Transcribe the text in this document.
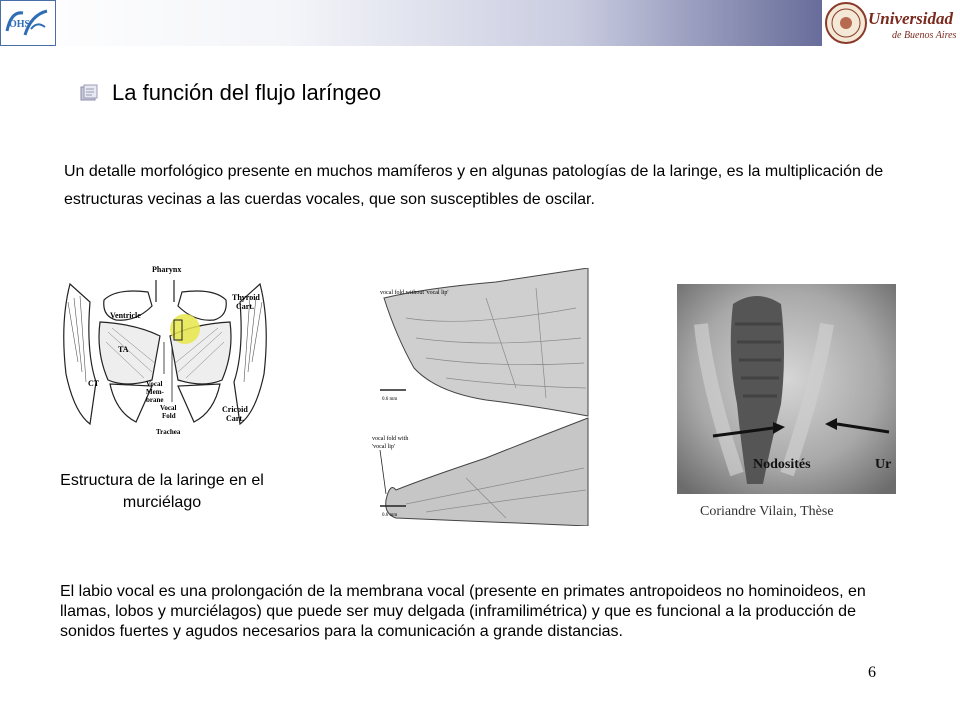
OHS	Universidad
de Buenos Aires
La función del flujo laríngeo
Un detalle morfológico presente en muchos mamíferos y en algunas patologías de la laringe, es la multiplicación de estructuras vecinas a las cuerdas vocales, que son susceptibles de oscilar.
Pharynx
Thyroid
Cart.
Ventricle
TA
CT	Vocal
Mem-
brane
Vocal
Fold
Cricoid
Cart.
Trachea
Estructura de la laringe en el murciélago
vocal fold without 'vocal lip'
0.6 mm
vocal fold with
'vocal lip'
0.6 mm
Nodosités	Ur
Coriandre Vilain, Thèse
El labio vocal es una prolongación de la membrana vocal (presente en primates antropoideos no hominoideos, en llamas, lobos y murciélagos) que puede ser muy delgada (inframilimétrica) y que es funcional a la producción de sonidos fuertes y agudos necesarios para la comunicación a grande distancias.
6
